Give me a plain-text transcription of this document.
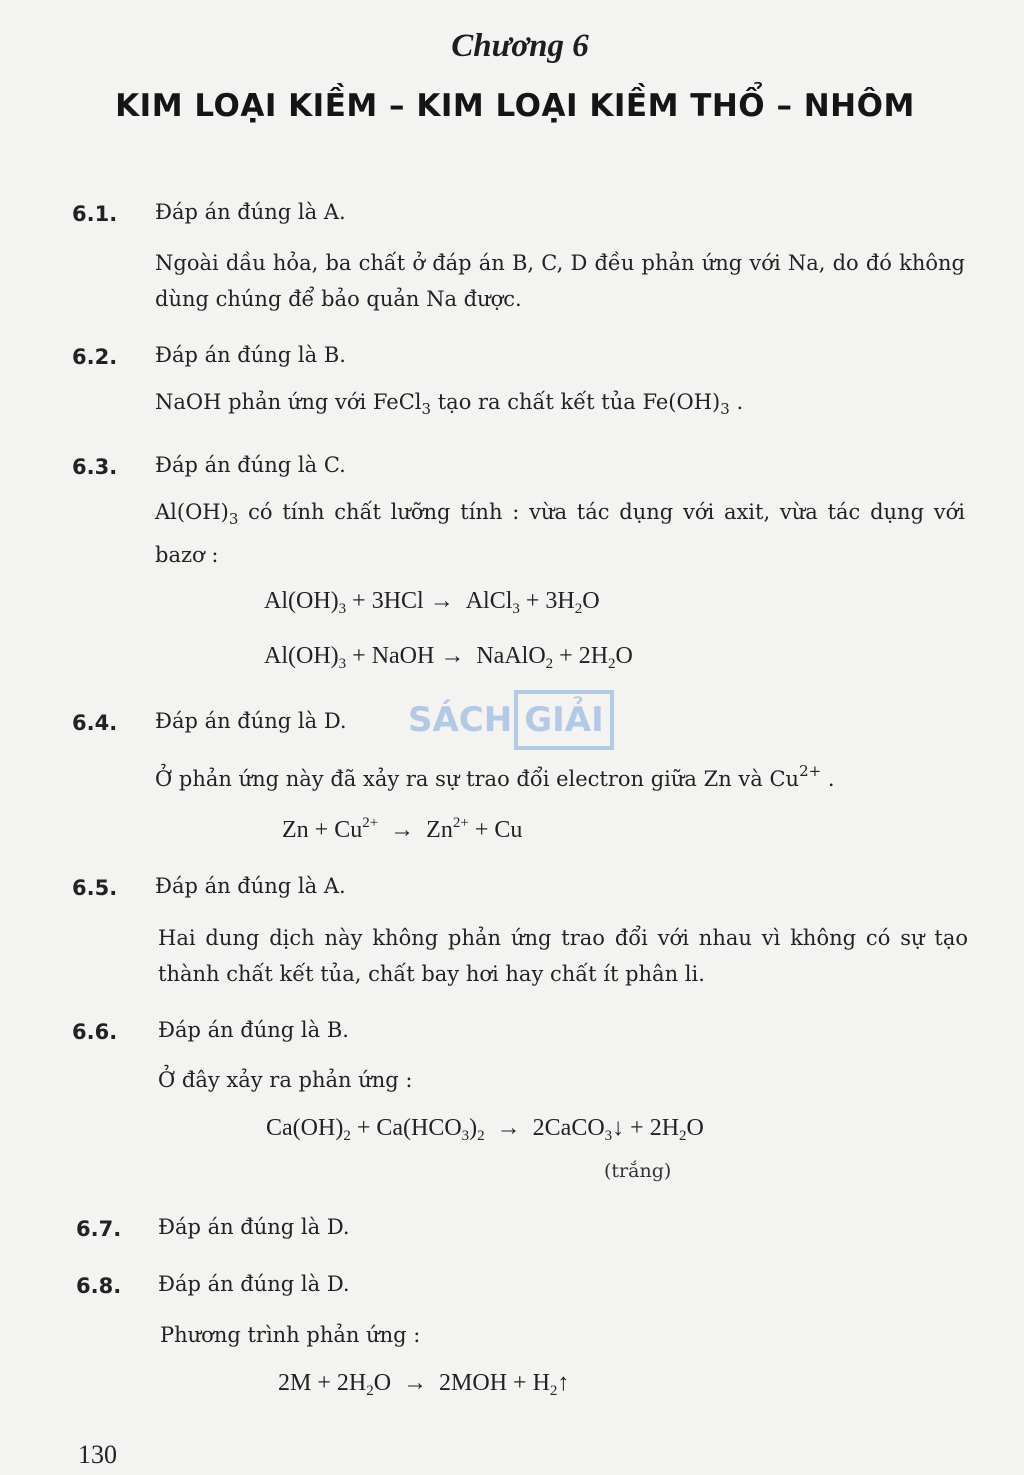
Chương 6
KIM LOẠI KIỀM – KIM LOẠI KIỀM THỔ – NHÔM
6.1. Đáp án đúng là A.
Ngoài dầu hỏa, ba chất ở đáp án B, C, D đều phản ứng với Na, do đó không dùng chúng để bảo quản Na được.
6.2. Đáp án đúng là B.
NaOH phản ứng với FeCl$_3$ tạo ra chất kết tủa $Fe(OH)_3$ .
6.3. Đáp án đúng là C.
$Al(OH)_3$ có tính chất lưỡng tính : vừa tác dụng với axit, vừa tác dụng với bazơ :
$Al(OH)_3 + 3HCl$ →  AlCl$_3$ + $3H_2O$
$Al(OH)_3$ + NaOH →  NaAlO$_2$ + $2H_2O$
SÁCH GIẢI
6.4. Đáp án đúng là D.
Ở phản ứng này đã xảy ra sự trao đổi electron giữa Zn và $Cu^{2+}$ .
$Zn + Cu^{2+} \to Zn^{2+} + Cu$
6.5. Đáp án đúng là A.
Hai dung dịch này không phản ứng trao đổi với nhau vì không có sự tạo thành chất kết tủa, chất bay hơi hay chất ít phân li.
6.6. Đáp án đúng là B.
Ở đây xảy ra phản ứng :
$Ca(OH)_2 + Ca(HCO_3)_2$  →  2CaCO$_3$↓ + $2H_2O$
(trắng)
6.7. Đáp án đúng là D.
6.8. Đáp án đúng là D.
Phương trình phản ứng :
$2M + 2H_2O \to 2MOH$ + $H_2↑$
130
